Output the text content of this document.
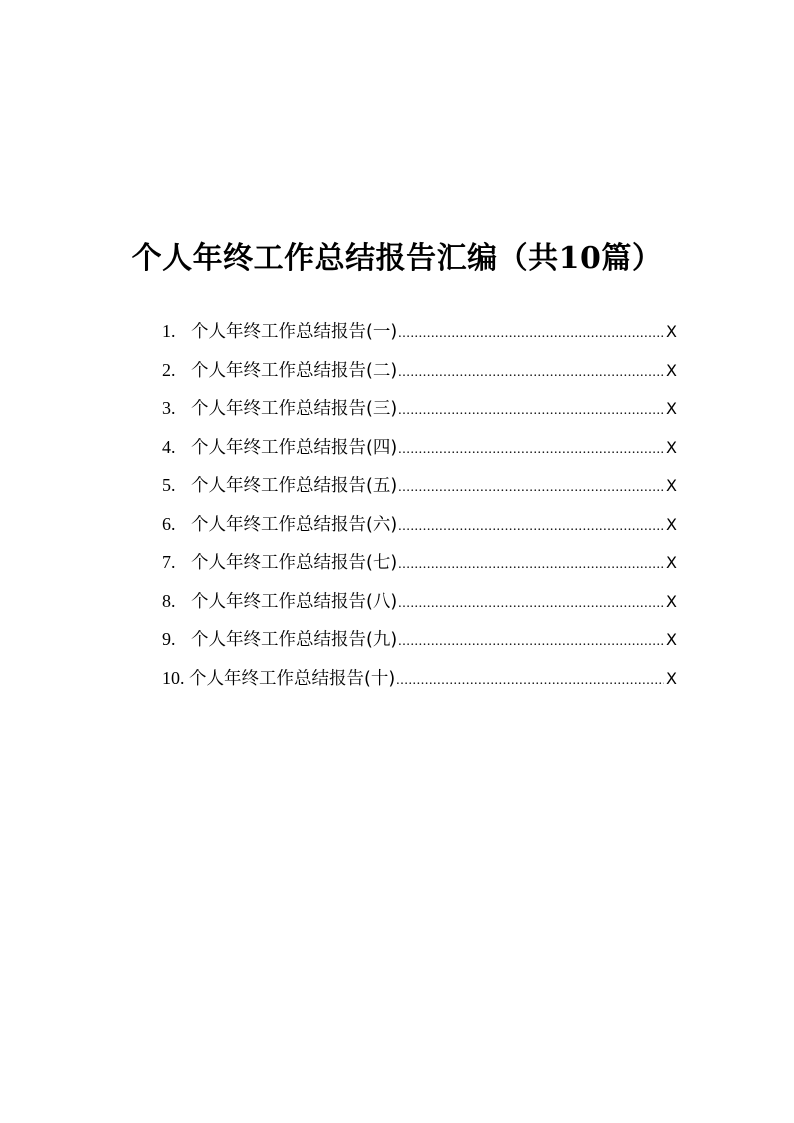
个人年终工作总结报告汇编（共10篇）
1. 个人年终工作总结报告(一) .....	X
2. 个人年终工作总结报告(二) .....	X
3. 个人年终工作总结报告(三) .....	X
4. 个人年终工作总结报告(四) .....	X
5. 个人年终工作总结报告(五) .....	X
6. 个人年终工作总结报告(六) .....	X
7. 个人年终工作总结报告(七) .....	X
8. 个人年终工作总结报告(八) .....	X
9. 个人年终工作总结报告(九) .....	X
10. 个人年终工作总结报告(十) .....	X
